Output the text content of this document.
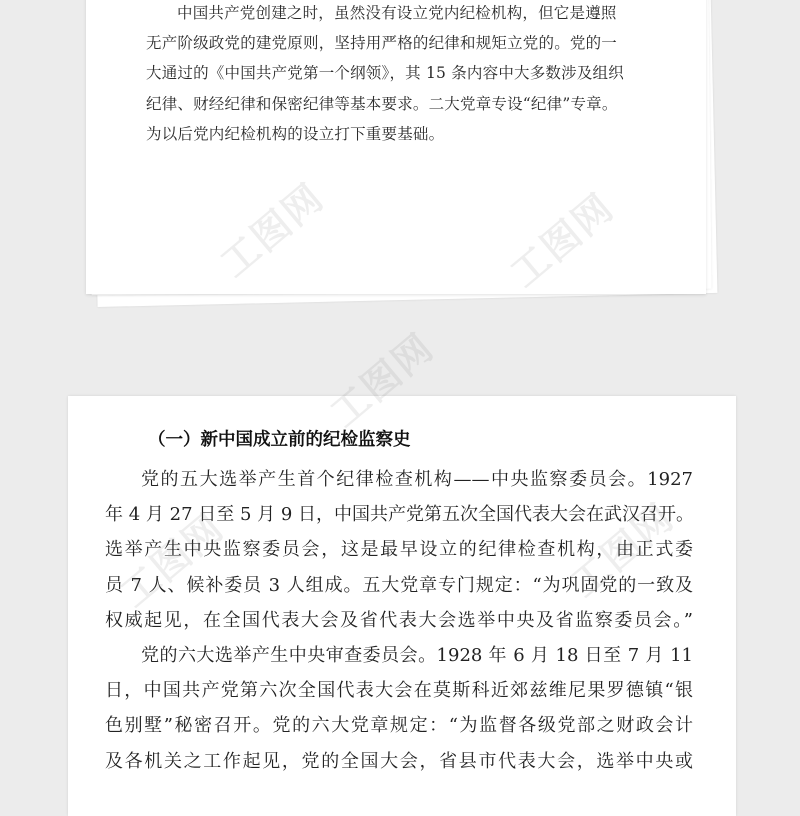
中国共产党创建之时，虽然没有设立党内纪检机构，但它是遵照
无产阶级政党的建党原则，坚持用严格的纪律和规矩立党的。党的一
大通过的《中国共产党第一个纲领》，其 15 条内容中大多数涉及组织
纪律、财经纪律和保密纪律等基本要求。二大党章专设“纪律”专章。
为以后党内纪检机构的设立打下重要基础。

（一）新中国成立前的纪检监察史

党的五大选举产生首个纪律检查机构——中央监察委员会。1927
年 4 月 27 日至 5 月 9 日，中国共产党第五次全国代表大会在武汉召开。
选举产生中央监察委员会，这是最早设立的纪律检查机构，由正式委
员 7 人、候补委员 3 人组成。五大党章专门规定：“为巩固党的一致及
权威起见，在全国代表大会及省代表大会选举中央及省监察委员会。”

党的六大选举产生中央审查委员会。1928 年 6 月 18 日至 7 月 11
日，中国共产党第六次全国代表大会在莫斯科近郊兹维尼果罗德镇“银
色别墅”秘密召开。党的六大党章规定：“为监督各级党部之财政会计
及各机关之工作起见，党的全国大会，省县市代表大会，选举中央或

工图网
